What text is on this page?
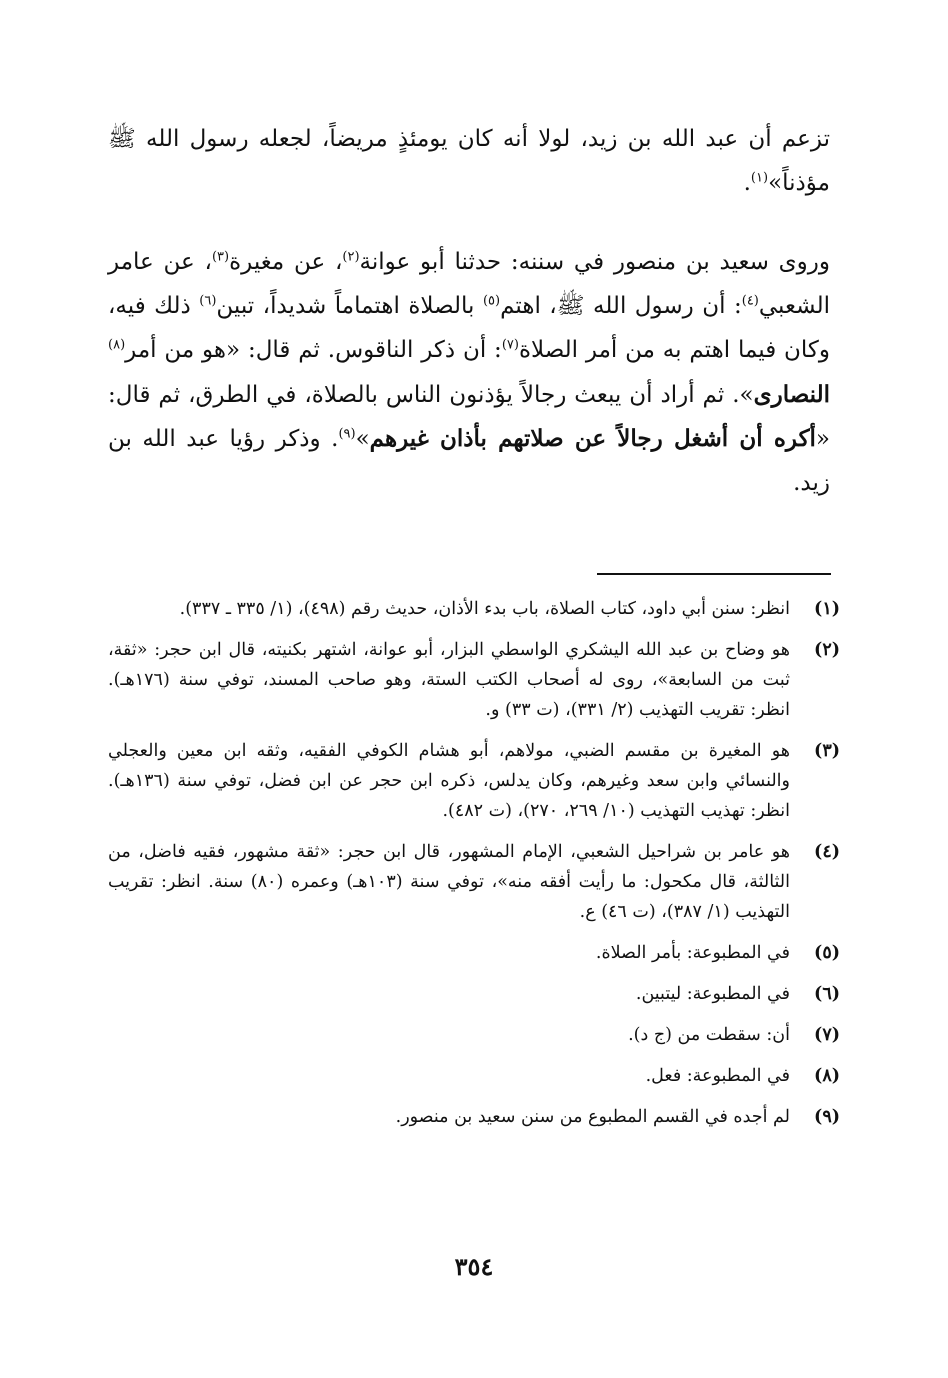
تزعم أن عبد الله بن زيد، لولا أنه كان يومئذٍ مريضاً، لجعله رسول الله ﷺ مؤذناً»$^{(١)}$.

وروى سعيد بن منصور في سننه: حدثنا أبو عوانة$^{(٢)}$، عن مغيرة$^{(٣)}$، عن عامر الشعبي$^{(٤)}$: أن رسول الله ﷺ، اهتم$^{(٥)}$ بالصلاة اهتماماً شديداً، تبين$^{(٦)}$ ذلك فيه، وكان فيما اهتم به من أمر الصلاة$^{(٧)}$: أن ذكر الناقوس. ثم قال: «هو من أمر$^{(٨)}$ النصارى». ثم أراد أن يبعث رجالاً يؤذنون الناس بالصلاة، في الطرق، ثم قال: «أكره أن أشغل رجالاً عن صلاتهم بأذان غيرهم»$^{(٩)}$. وذكر رؤيا عبد الله بن زيد.

(١)
انظر: سنن أبي داود، كتاب الصلاة، باب بدء الأذان، حديث رقم (٤٩٨)، (١/ ٣٣٥ ـ ٣٣٧).
(٢)
هو وضاح بن عبد الله اليشكري الواسطي البزار، أبو عوانة، اشتهر بكنيته، قال ابن حجر: «ثقة، ثبت من السابعة»، روى له أصحاب الكتب الستة، وهو صاحب المسند، توفي سنة (١٧٦هـ). انظر: تقريب التهذيب (٢/ ٣٣١)، (ت ٣٣) و.
(٣)
هو المغيرة بن مقسم الضبي، مولاهم، أبو هشام الكوفي الفقيه، وثقه ابن معين والعجلي والنسائي وابن سعد وغيرهم، وكان يدلس، ذكره ابن حجر عن ابن فضل، توفي سنة (١٣٦هـ). انظر: تهذيب التهذيب (١٠/ ٢٦٩، ٢٧٠)، (ت ٤٨٢).
(٤)
هو عامر بن شراحيل الشعبي، الإمام المشهور، قال ابن حجر: «ثقة مشهور، فقيه فاضل، من الثالثة، قال مكحول: ما رأيت أفقه منه»، توفي سنة (١٠٣هـ) وعمره (٨٠) سنة. انظر: تقريب التهذيب (١/ ٣٨٧)، (ت ٤٦) ع.
(٥)
في المطبوعة: بأمر الصلاة.
(٦)
في المطبوعة: ليتبين.
(٧)
أن: سقطت من (ج د).
(٨)
في المطبوعة: فعل.
(٩)
لم أجده في القسم المطبوع من سنن سعيد بن منصور.
٣٥٤
